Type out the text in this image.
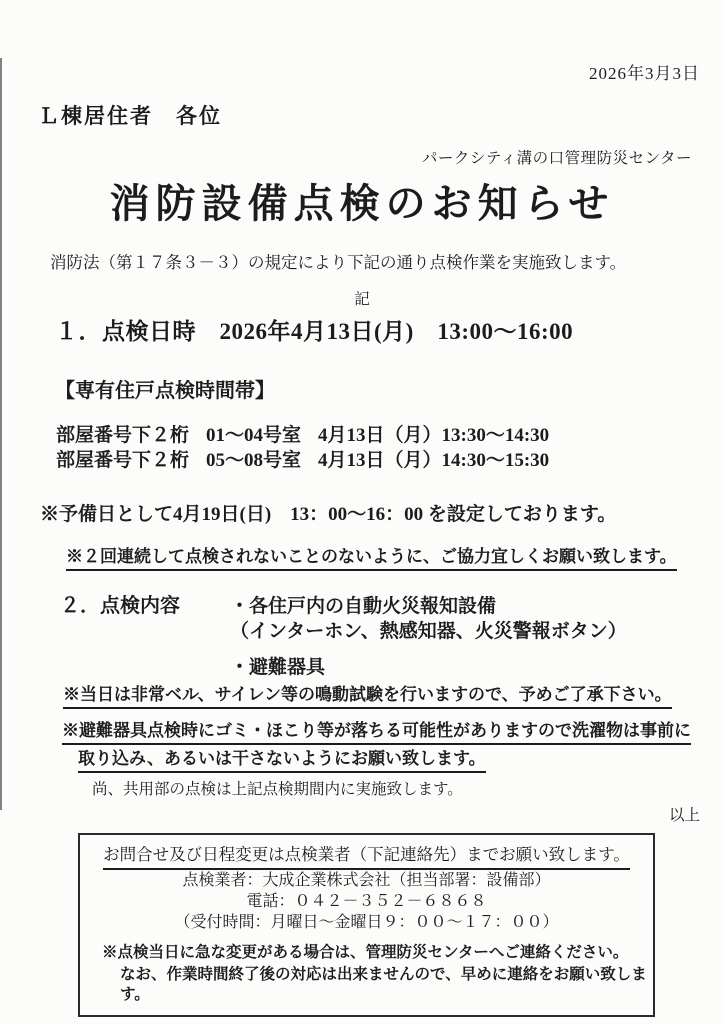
2026年3月3日
Ｌ棟居住者　各位
パークシティ溝の口管理防災センター
消防設備点検のお知らせ
消防法（第１７条３－３）の規定により下記の通り点検作業を実施致します。
記
１．点検日時　2026年4月13日(月)　13:00～16:00
【専有住戸点検時間帯】
部屋番号下２桁 01～04号室 4月13日（月）13:30～14:30
部屋番号下２桁 05～08号室 4月13日（月）14:30～15:30
※予備日として4月19日(日)　13：00～16：00 を設定しております。
※２回連続して点検されないことのないように、ご協力宜しくお願い致します。
２．点検内容	・各住戸内の自動火災報知設備
（インターホン、熱感知器、火災警報ボタン）
・避難器具
※当日は非常ベル、サイレン等の鳴動試験を行いますので、予めご了承下さい。
※避難器具点検時にゴミ・ほこり等が落ちる可能性がありますので洗濯物は事前に
取り込み、あるいは干さないようにお願い致します。
尚、共用部の点検は上記点検期間内に実施致します。
以上
お問合せ及び日程変更は点検業者（下記連絡先）までお願い致します。
点検業者：大成企業株式会社（担当部署：設備部）
電話：０４２－３５２－６８６８
（受付時間：月曜日～金曜日９：００～１７：００）
※点検当日に急な変更がある場合は、管理防災センターへご連絡ください。
なお、作業時間終了後の対応は出来ませんので、早めに連絡をお願い致します。
